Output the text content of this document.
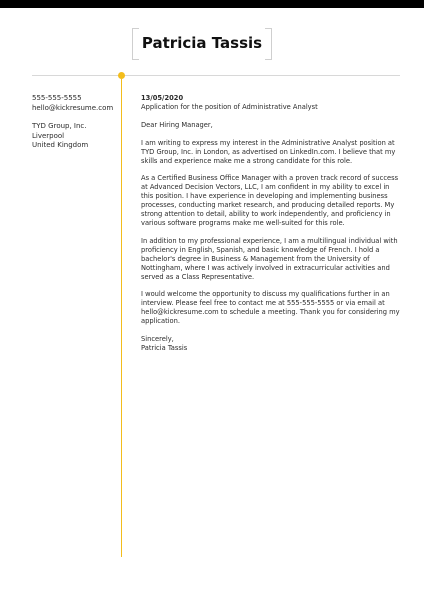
Patricia Tassis
555-555-5555
hello@kickresume.com
TYD Group, Inc.
Liverpool
United Kingdom

13/05/2020

Application for the position of Administrative Analyst

Dear Hiring Manager,

I am writing to express my interest in the Administrative Analyst position at TYD Group, Inc. in London, as advertised on LinkedIn.com. I believe that my skills and experience make me a strong candidate for this role.

As a Certified Business Office Manager with a proven track record of success at Advanced Decision Vectors, LLC, I am confident in my ability to excel in this position. I have experience in developing and implementing business processes, conducting market research, and producing detailed reports. My strong attention to detail, ability to work independently, and proficiency in various software programs make me well-suited for this role.

In addition to my professional experience, I am a multilingual individual with proficiency in English, Spanish, and basic knowledge of French. I hold a bachelor's degree in Business & Management from the University of Nottingham, where I was actively involved in extracurricular activities and served as a Class Representative.

I would welcome the opportunity to discuss my qualifications further in an interview. Please feel free to contact me at 555-555-5555 or via email at hello@kickresume.com to schedule a meeting. Thank you for considering my application.

Sincerely,

Patricia Tassis
